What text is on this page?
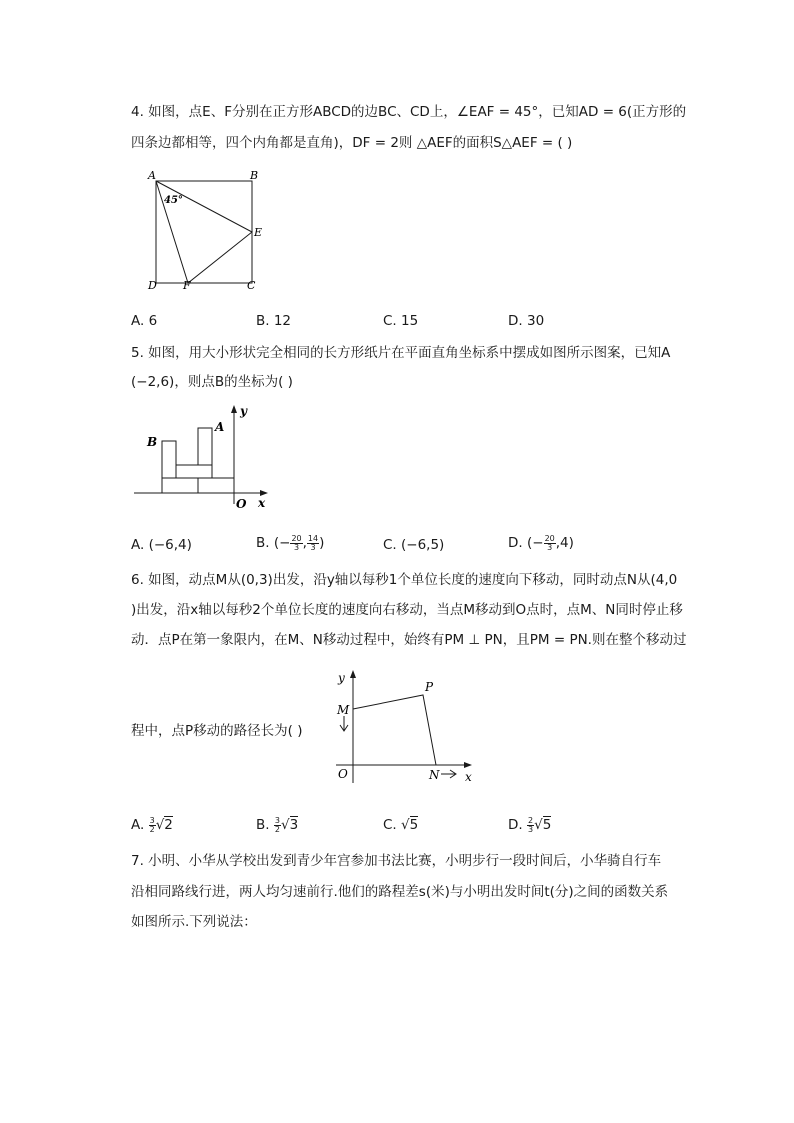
4. 如图，点E、F分别在正方形ABCD的边BC、CD上，∠EAF = 45°，已知AD = 6(正方形的
四条边都相等，四个内角都是直角)，DF = 2则 △AEF的面积S△AEF = ( )
A	B
45°
E
D F	C
A. 6	B. 12	C. 15	D. 30
5. 如图，用大小形状完全相同的长方形纸片在平面直角坐标系中摆成如图所示图案，已知A
(−2,6)，则点B的坐标为( )
B
A
y
O x
A. (−6,4)	B. (− $\frac{20}{3}$ , $\frac{14}{3}$ )	C. (−6,5)	D. (− $\frac{20}{3} ,4$)
6. 如图，动点M从(0,3)出发，沿y轴以每秒1个单位长度的速度向下移动，同时动点N从(4,0
)出发，沿x轴以每秒2个单位长度的速度向右移动，当点M移动到O点时，点M、N同时停止移
动．点P在第一象限内，在M、N移动过程中，始终有PM ⊥ PN，且PM = PN.则在整个移动过
程中，点P移动的路径长为( )
y
P
M
O	N x
A. $\frac{3}{2} √2$	B. $\frac{3}{2} √3$	C. √5	D. $\frac{2}{3} √5$
7. 小明、小华从学校出发到青少年宫参加书法比赛，小明步行一段时间后，小华骑自行车
沿相同路线行进，两人均匀速前行.他们的路程差s(米)与小明出发时间t(分)之间的函数关系
如图所示.下列说法：
